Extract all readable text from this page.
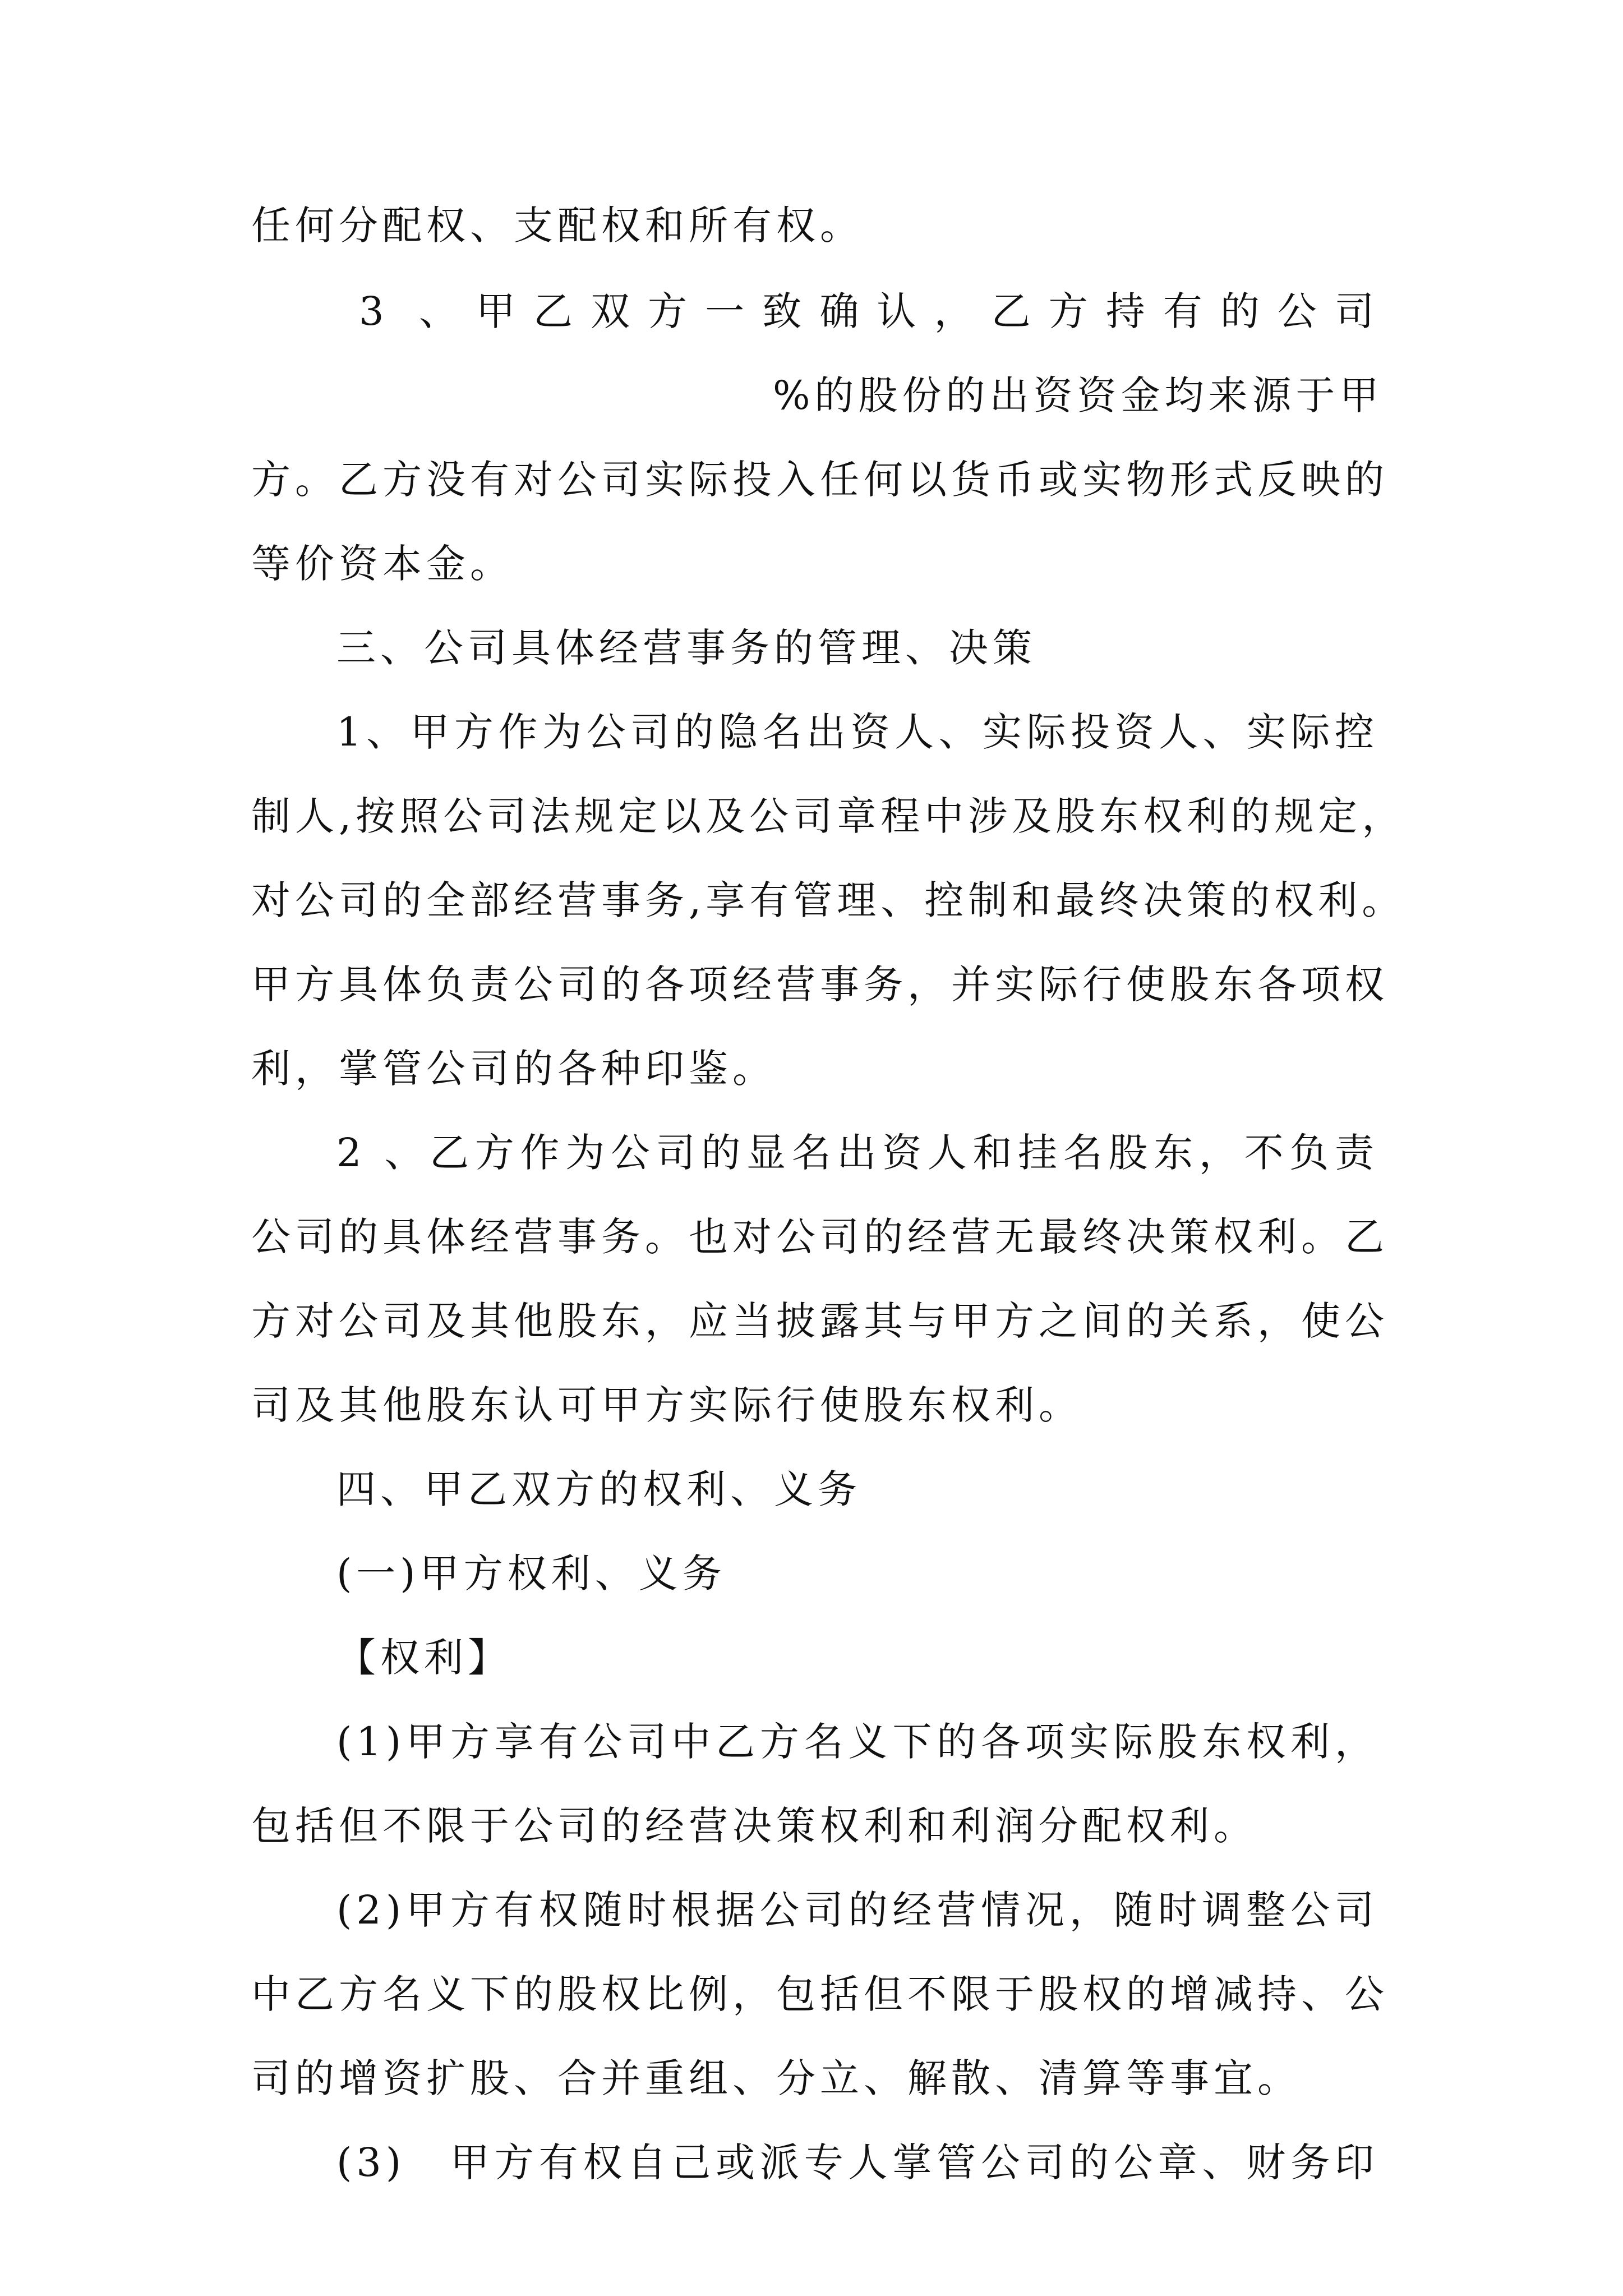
任何分配权、支配权和所有权。
3 、甲乙双方一致确认，乙方持有的公司
%的股份的出资资金均来源于甲
方。乙方没有对公司实际投入任何以货币或实物形式反映的
等价资本金。
三、公司具体经营事务的管理、决策
1、甲方作为公司的隐名出资人、实际投资人、实际控
制人,按照公司法规定以及公司章程中涉及股东权利的规定，
对公司的全部经营事务,享有管理、控制和最终决策的权利。
甲方具体负责公司的各项经营事务，并实际行使股东各项权
利，掌管公司的各种印鉴。
2 、乙方作为公司的显名出资人和挂名股东，不负责
公司的具体经营事务。也对公司的经营无最终决策权利。乙
方对公司及其他股东，应当披露其与甲方之间的关系，使公
司及其他股东认可甲方实际行使股东权利。
四、甲乙双方的权利、义务
(一)甲方权利、义务
【权利】
(1)甲方享有公司中乙方名义下的各项实际股东权利，
包括但不限于公司的经营决策权利和利润分配权利。
(2)甲方有权随时根据公司的经营情况，随时调整公司
中乙方名义下的股权比例，包括但不限于股权的增减持、公
司的增资扩股、合并重组、分立、解散、清算等事宜。
(3)　甲方有权自己或派专人掌管公司的公章、财务印
